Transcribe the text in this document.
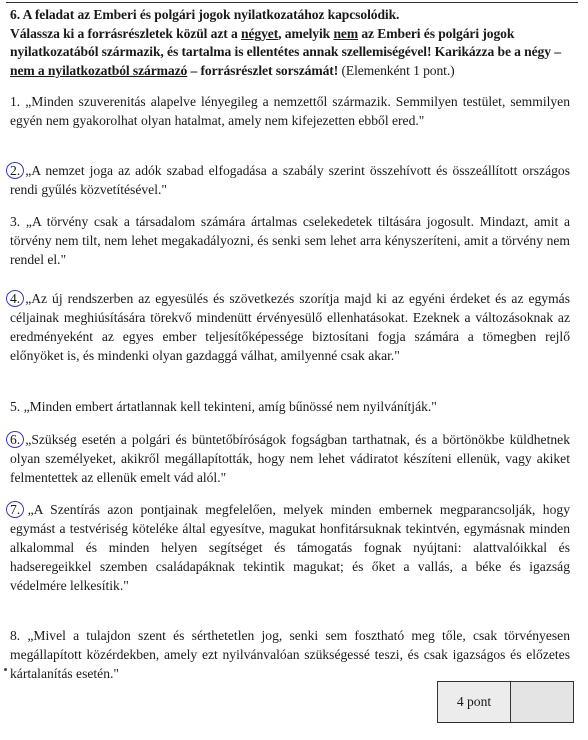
6. A feladat az Emberi és polgári jogok nyilatkozatához kapcsolódik.
Válassza ki a forrásrészletek közül azt a négyet, amelyik nem az Emberi és polgári jogok nyilatkozatából származik, és tartalma is ellentétes annak szellemiségével! Karikázza be a négy – nem a nyilatkozatból származó – forrásrészlet sorszámát! (Elemenként 1 pont.)
1. „Minden szuverenitás alapelve lényegileg a nemzettől származik. Semmilyen testület, semmilyen egyén nem gyakorolhat olyan hatalmat, amely nem kifejezetten ebből ered."
2. „A nemzet joga az adók szabad elfogadása a szabály szerint összehívott és összeállított országos rendi gyűlés közvetítésével."
3. „A törvény csak a társadalom számára ártalmas cselekedetek tiltására jogosult. Mindazt, amit a törvény nem tilt, nem lehet megakadályozni, és senki sem lehet arra kényszeríteni, amit a törvény nem rendel el."
4. „Az új rendszerben az egyesülés és szövetkezés szorítja majd ki az egyéni érdeket és az egymás céljainak meghiúsítására törekvő mindenütt érvényesülő ellenhatásokat. Ezeknek a változásoknak az eredményeként az egyes ember teljesítőképessége biztosítani fogja számára a tömegben rejlő előnyöket is, és mindenki olyan gazdaggá válhat, amilyenné csak akar."
5. „Minden embert ártatlannak kell tekinteni, amíg bűnössé nem nyilvánítják."
6. „Szükség esetén a polgári és büntetőbíróságok fogságban tarthatnak, és a börtönökbe küldhetnek olyan személyeket, akikről megállapították, hogy nem lehet vádiratot készíteni ellenük, vagy akiket felmentettek az ellenük emelt vád alól."
7. „A Szentírás azon pontjainak megfelelően, melyek minden embernek megparancsolják, hogy egymást a testvériség köteléke által egyesítve, magukat honfitársuknak tekintvén, egymásnak minden alkalommal és minden helyen segítséget és támogatás fognak nyújtani: alattvalóikkal és hadseregeikkel szemben családapáknak tekintik magukat; és őket a vallás, a béke és igazság védelmére lelkesítik."
8. „Mivel a tulajdon szent és sérthetetlen jog, senki sem fosztható meg tőle, csak törvényesen megállapított közérdekben, amely ezt nyilvánvalóan szükségessé teszi, és csak igazságos és előzetes kártalanítás esetén."
4 pont
